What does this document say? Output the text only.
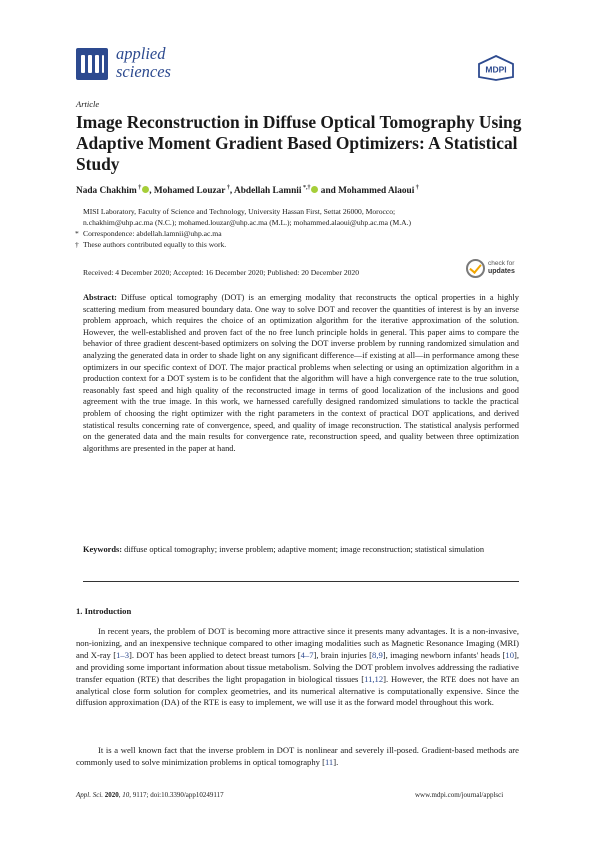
applied
sciences	MDPI
Article
Image Reconstruction in Diffuse Optical Tomography Using Adaptive Moment Gradient Based Optimizers: A Statistical Study
Nada Chakhim † , Mohamed Louzar †, Abdellah Lamnii *,† and Mohammed Alaoui †
MISI Laboratory, Faculty of Science and Technology, University Hassan First, Settat 26000, Morocco;
n.chakhim@uhp.ac.ma (N.C.); mohamed.louzar@uhp.ac.ma (M.L.); mohammed.alaoui@uhp.ac.ma (M.A.)
* Correspondence: abdellah.lamnii@uhp.ac.ma
† These authors contributed equally to this work.
Received: 4 December 2020; Accepted: 16 December 2020; Published: 20 December 2020
check for
updates
Abstract: Diffuse optical tomography (DOT) is an emerging modality that reconstructs the optical properties in a highly scattering medium from measured boundary data. One way to solve DOT and recover the quantities of interest is by an inverse problem approach, which requires the choice of an optimization algorithm for the iterative approximation of the solution. However, the well-established and proven fact of the no free lunch principle holds in general. This paper aims to compare the behavior of three gradient descent-based optimizers on solving the DOT inverse problem by running randomized simulation and analyzing the generated data in order to shade light on any significant difference—if existing at all—in performance among these optimizers in our specific context of DOT. The major practical problems when selecting or using an optimization algorithm in a production context for a DOT system is to be confident that the algorithm will have a high convergence rate to the true solution, reasonably fast speed and high quality of the reconstructed image in terms of good localization of the inclusions and good agreement with the true image. In this work, we harnessed carefully designed randomized simulations to tackle the practical problem of choosing the right optimizer with the right parameters in the context of practical DOT applications, and derived statistical results concerning rate of convergence, speed, and quality of image reconstruction. The statistical analysis performed on the generated data and the main results for convergence rate, reconstruction speed, and quality between three optimization algorithms are presented in the paper at hand.
Keywords: diffuse optical tomography; inverse problem; adaptive moment; image reconstruction; statistical simulation
1. Introduction
In recent years, the problem of DOT is becoming more attractive since it presents many advantages. It is a non-invasive, non-ionizing, and an inexpensive technique compared to other imaging modalities such as Magnetic Resonance Imaging (MRI) and X-ray [1–3]. DOT has been applied to detect breast tumors [4–7], brain injuries [8,9], imaging newborn infants' heads [10], and providing some important information about tissue metabolism. Solving the DOT problem involves addressing the radiative transfer equation (RTE) that describes the light propagation in biological tissues [11,12]. However, the RTE does not have an analytical close form solution for complex geometries, and its numerical alternative is computationally expensive. Since the diffusion approximation (DA) of the RTE is easy to implement, we will use it as the forward model throughout this work.
It is a well known fact that the inverse problem in DOT is nonlinear and severely ill-posed. Gradient-based methods are commonly used to solve minimization problems in optical tomography [11].
Appl. Sci. 2020, 10, 9117; doi:10.3390/app10249117	www.mdpi.com/journal/applsci
